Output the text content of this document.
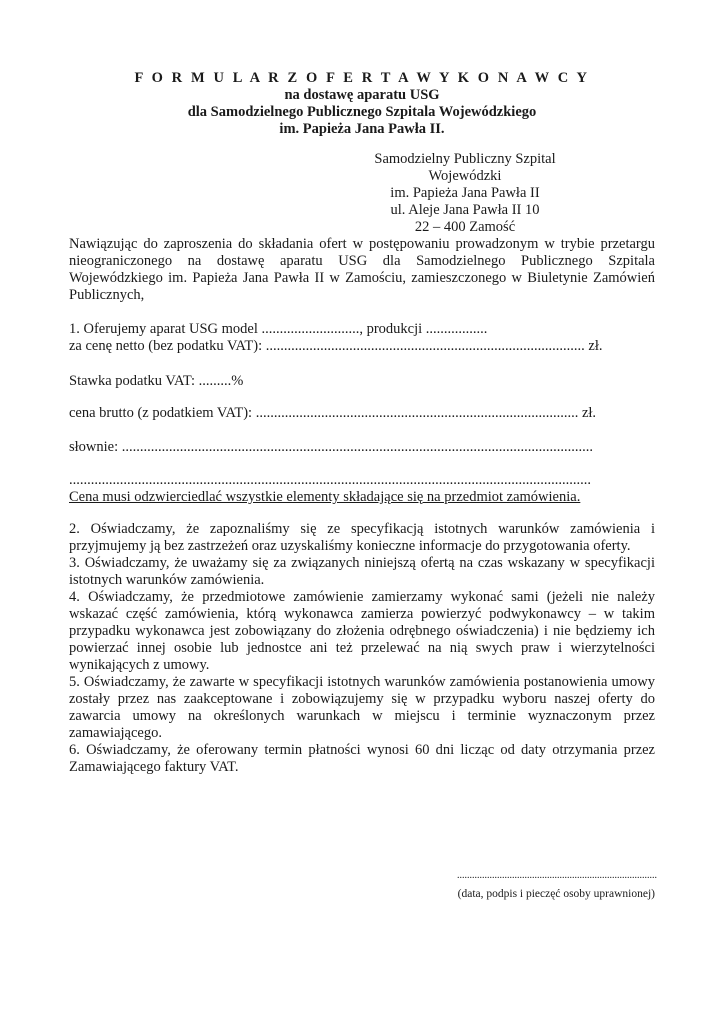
F O R M U L A R Z O F E R T A W Y K O N A W C Y
na dostawę aparatu USG
dla Samodzielnego Publicznego Szpitala Wojewódzkiego
im. Papieża Jana Pawła II.
Samodzielny Publiczny Szpital Wojewódzki
im. Papieża Jana Pawła II
ul. Aleje Jana Pawła II 10
22 – 400 Zamość
Nawiązując do zaproszenia do składania ofert w postępowaniu prowadzonym w trybie przetargu nieograniczonego na dostawę aparatu USG dla Samodzielnego Publicznego Szpitala Wojewódzkiego im. Papieża Jana Pawła II w Zamościu, zamieszczonego w Biuletynie Zamówień Publicznych,
1. Oferujemy aparat USG model ..........................., produkcji .................
za cenę netto (bez podatku VAT): ........................................................................................ zł.
Stawka podatku VAT: .........%
cena brutto (z podatkiem VAT): ......................................................................................... zł.
słownie: ..................................................................................................................................
................................................................................................................................................
Cena musi odzwierciedlać wszystkie elementy składające się na przedmiot zamówienia.

2. Oświadczamy, że zapoznaliśmy się ze specyfikacją istotnych warunków zamówienia i przyjmujemy ją bez zastrzeżeń oraz uzyskaliśmy konieczne informacje do przygotowania oferty.

3. Oświadczamy, że uważamy się za związanych niniejszą ofertą na czas wskazany w specyfikacji istotnych warunków zamówienia.

4. Oświadczamy, że przedmiotowe zamówienie zamierzamy wykonać sami (jeżeli nie należy wskazać część zamówienia, którą wykonawca zamierza powierzyć podwykonawcy – w takim przypadku wykonawca jest zobowiązany do złożenia odrębnego oświadczenia) i nie będziemy ich powierzać innej osobie lub jednostce ani też przelewać na nią swych praw i wierzytelności wynikających z umowy.

5. Oświadczamy, że zawarte w specyfikacji istotnych warunków zamówienia postanowienia umowy zostały przez nas zaakceptowane i zobowiązujemy się w przypadku wyboru naszej oferty do zawarcia umowy na określonych warunkach w miejscu i terminie wyznaczonym przez zamawiającego.

6. Oświadczamy, że oferowany termin płatności wynosi 60 dni licząc od daty otrzymania przez Zamawiającego faktury VAT.

................................................................................
(data, podpis i pieczęć osoby uprawnionej)
